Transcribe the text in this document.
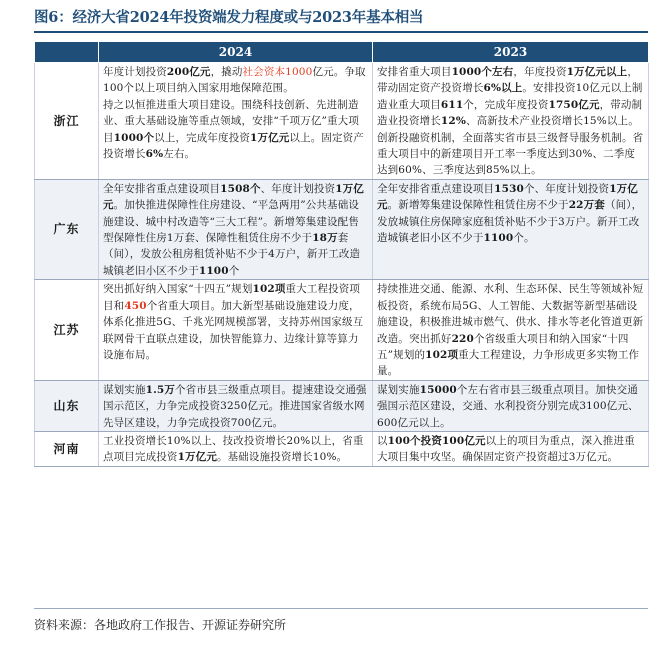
图6：经济大省2024年投资端发力程度或与2023年基本相当
	2024	2023
浙江	年度计划投资200亿元，撬动社会资本1000亿元。争取100个以上项目纳入国家用地保障范围。
持之以恒推进重大项目建设。围绕科技创新、先进制造业、重大基础设施等重点领域，安排“千项万亿”重大项目1000个以上，完成年度投资1万亿元以上。固定资产投资增长6%左右。	安排省重大项目1000个左右，年度投资1万亿元以上，带动固定资产投资增长6%以上。安排投资10亿元以上制造业重大项目611个，完成年度投资1750亿元，带动制造业投资增长12%、高新技术产业投资增长15%以上。创新投融资机制，全面落实省市县三级督导服务机制。省重大项目中的新建项目开工率一季度达到30%、二季度达到60%、三季度达到85%以上。
广东	全年安排省重点建设项目1508个、年度计划投资1万亿元。加快推进保障性住房建设、“平急两用”公共基础设施建设、城中村改造等“三大工程”。新增筹集建设配售型保障性住房1万套、保障性租赁住房不少于18万套（间），发放公租房租赁补贴不少于4万户，新开工改造城镇老旧小区不少于1100个	全年安排省重点建设项目1530个、年度计划投资1万亿元。新增筹集建设保障性租赁住房不少于22万套（间），发放城镇住房保障家庭租赁补贴不少于3万户。新开工改造城镇老旧小区不少于1100个。
江苏	突出抓好纳入国家“十四五”规划102项重大工程投资项目和450个省重大项目。加大新型基础设施建设力度，体系化推进5G、千兆光网规模部署，支持苏州国家级互联网骨干直联点建设，加快智能算力、边缘计算等算力设施布局。	持续推进交通、能源、水利、生态环保、民生等领域补短板投资，系统布局5G、人工智能、大数据等新型基础设施建设，积极推进城市燃气、供水、排水等老化管道更新改造。突出抓好220个省级重大项目和纳入国家“十四五”规划的102项重大工程建设，力争形成更多实物工作量。
山东	谋划实施1.5万个省市县三级重点项目。提速建设交通强国示范区，力争完成投资3250亿元。推进国家省级水网先导区建设，力争完成投资700亿元。	谋划实施15000个左右省市县三级重点项目。加快交通强国示范区建设，交通、水利投资分别完成3100亿元、600亿元以上。
河南	工业投资增长10%以上、技改投资增长20%以上，省重点项目完成投资1万亿元。基础设施投资增长10%。	以100个投资100亿元以上的项目为重点，深入推进重大项目集中攻坚。确保固定资产投资超过3万亿元。
资料来源：各地政府工作报告、开源证券研究所
